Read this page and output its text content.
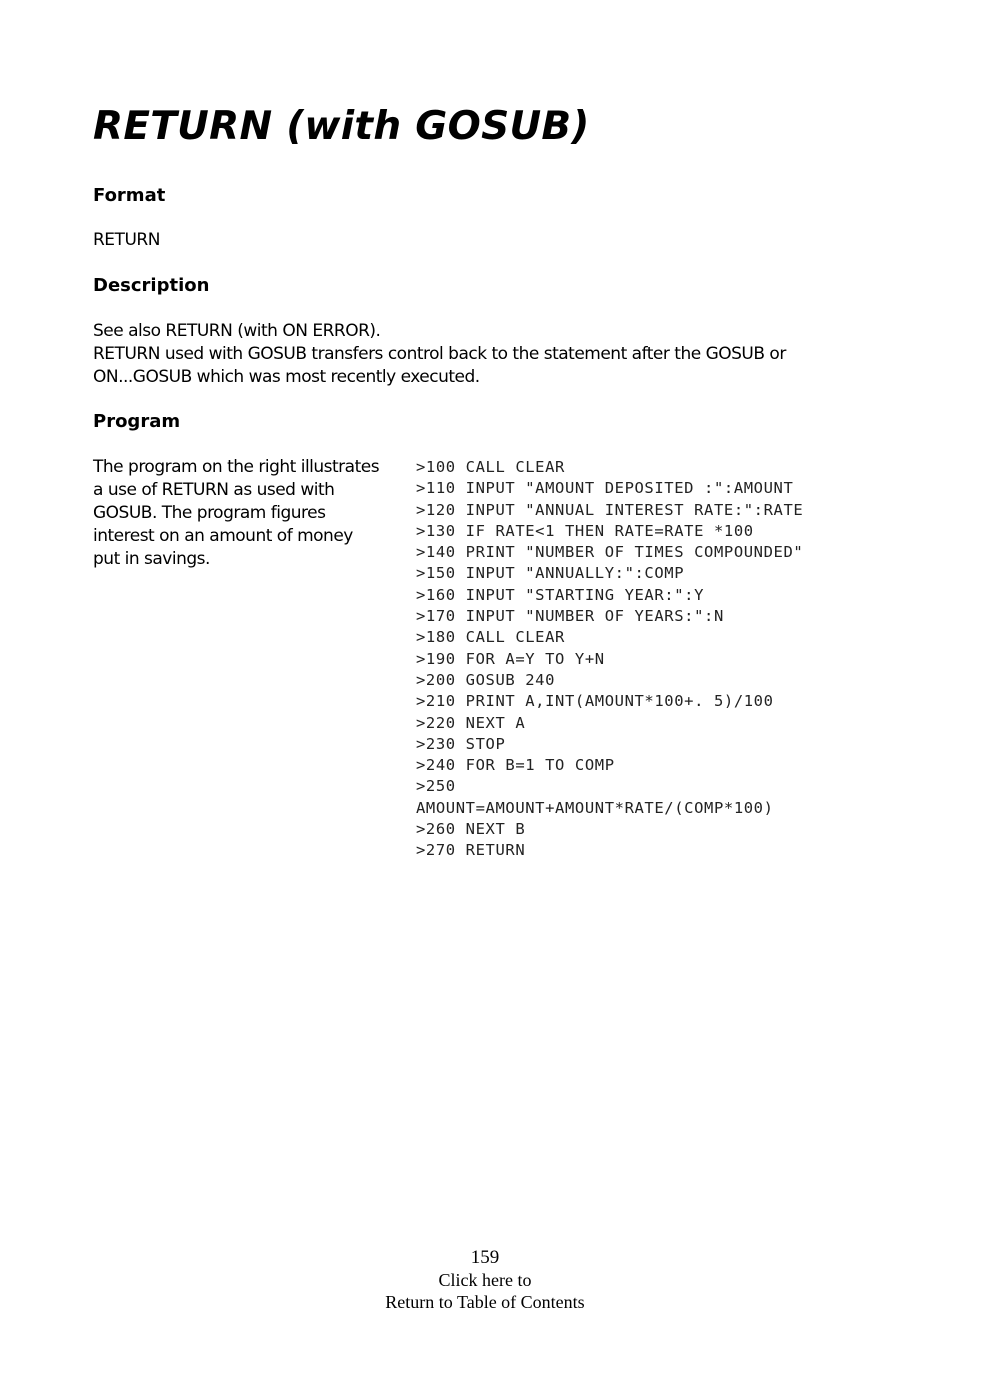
RETURN (with GOSUB)
Format
RETURN
Description
See also RETURN (with ON ERROR).
RETURN used with GOSUB transfers control back to the statement after the GOSUB or
ON...GOSUB which was most recently executed.
Program
The program on the right illustrates
a use of RETURN as used with
GOSUB. The program figures
interest on an amount of money
put in savings.
>100 CALL CLEAR
>110 INPUT "AMOUNT DEPOSITED :":AMOUNT
>120 INPUT "ANNUAL INTEREST RATE:":RATE
>130 IF RATE<1 THEN RATE=RATE *100
>140 PRINT "NUMBER OF TIMES COMPOUNDED"
>150 INPUT "ANNUALLY:":COMP
>160 INPUT "STARTING YEAR:":Y
>170 INPUT "NUMBER OF YEARS:":N
>180 CALL CLEAR
>190 FOR A=Y TO Y+N
>200 GOSUB 240
>210 PRINT A,INT(AMOUNT*100+. 5)/100
>220 NEXT A
>230 STOP
>240 FOR B=1 TO COMP
>250
AMOUNT=AMOUNT+AMOUNT*RATE/(COMP*100)
>260 NEXT B
>270 RETURN
159
Click here to
Return to Table of Contents
